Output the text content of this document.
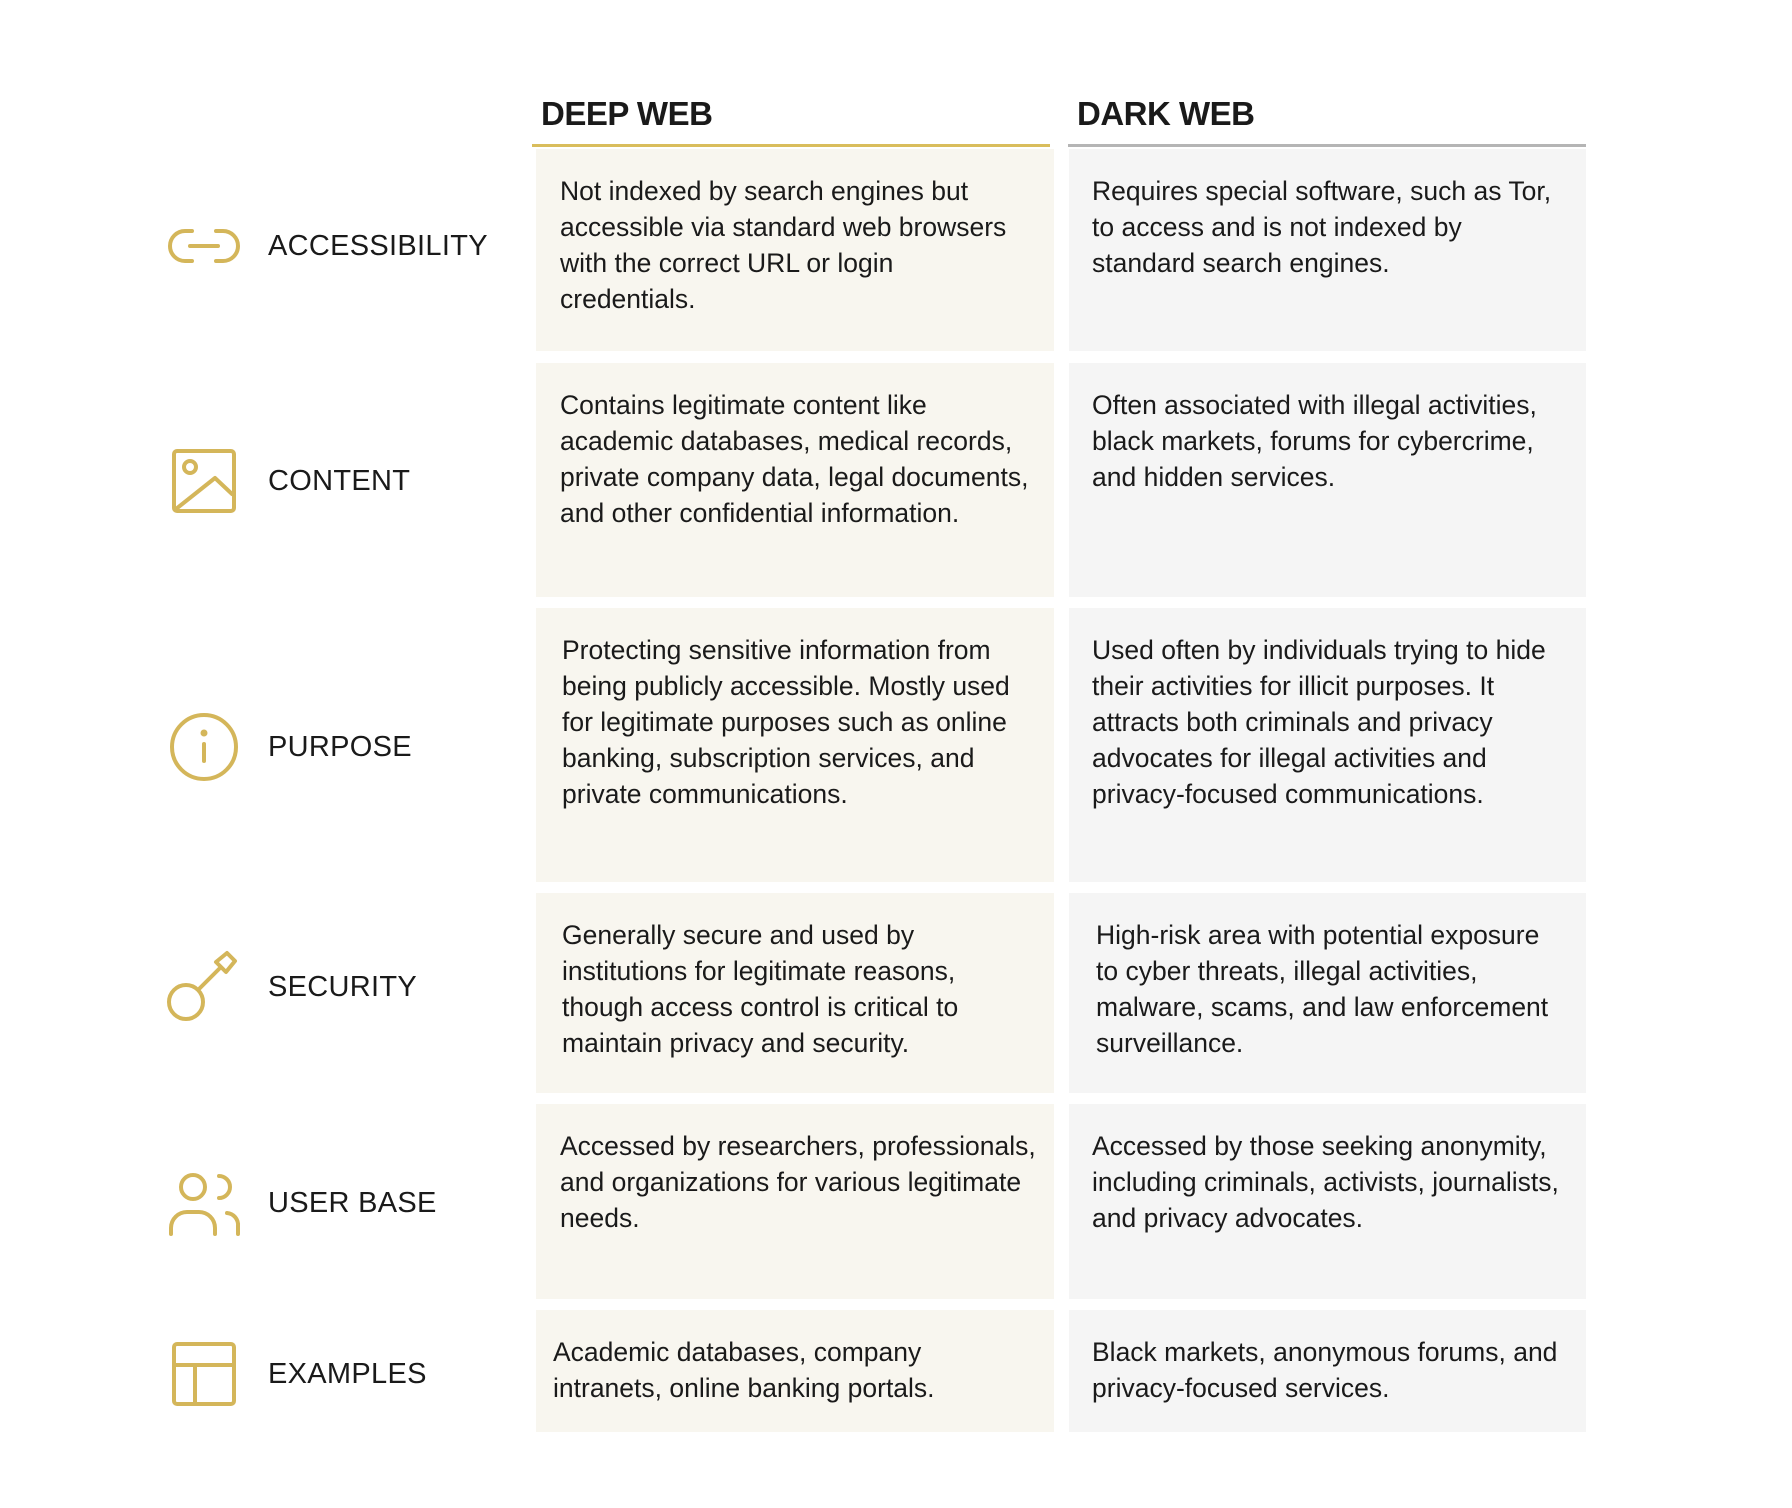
DEEP WEB	DARK WEB
ACCESSIBILITY
Not indexed by search engines but accessible via standard web browsers with the correct URL or login credentials.
Requires special software, such as Tor, to access and is not indexed by standard search engines.
CONTENT
Contains legitimate content like academic databases, medical records, private company data, legal documents, and other confidential information.
Often associated with illegal activities, black markets, forums for cybercrime, and hidden services.
PURPOSE
Protecting sensitive information from being publicly accessible. Mostly used for legitimate purposes such as online banking, subscription services, and private communications.
Used often by individuals trying to hide their activities for illicit purposes. It attracts both criminals and privacy advocates for illegal activities and privacy-focused communications.
SECURITY
Generally secure and used by institutions for legitimate reasons, though access control is critical to maintain privacy and security.
High-risk area with potential exposure to cyber threats, illegal activities, malware, scams, and law enforcement surveillance.
USER BASE
Accessed by researchers, professionals, and organizations for various legitimate needs.
Accessed by those seeking anonymity, including criminals, activists, journalists, and privacy advocates.
EXAMPLES
Academic databases, company intranets, online banking portals.
Black markets, anonymous forums, and privacy-focused services.
